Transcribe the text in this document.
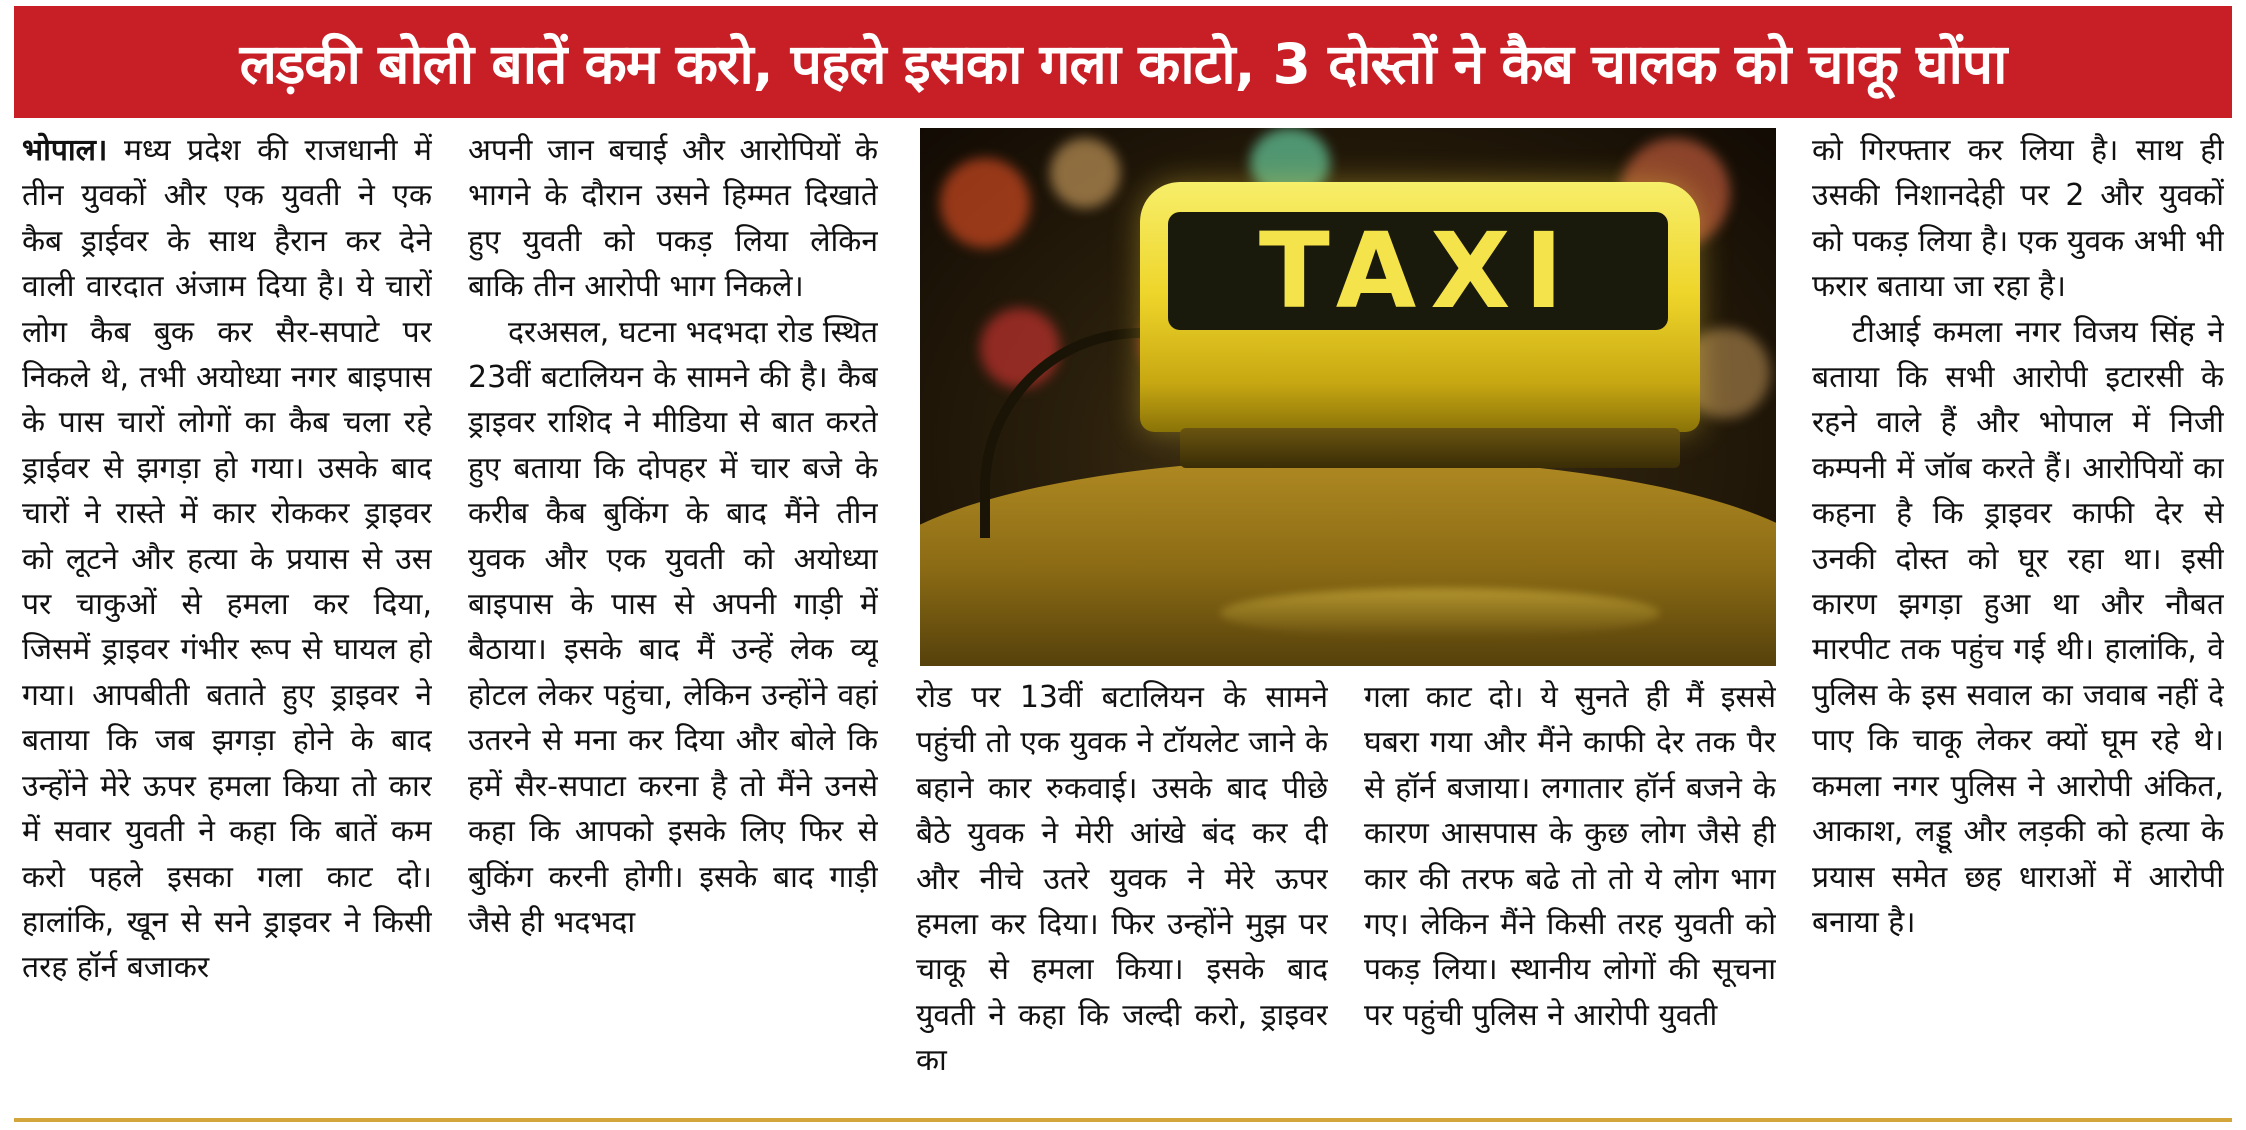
लड़की बोली बातें कम करो, पहले इसका गला काटो, 3 दोस्तों ने कैब चालक को चाकू घोंपा

भोपाल। मध्य प्रदेश की राजधानी में तीन युवकों और एक युवती ने एक कैब ड्राईवर के साथ हैरान कर देने वाली वारदात अंजाम दिया है। ये चारों लोग कैब बुक कर सैर-सपाटे पर निकले थे, तभी अयोध्या नगर बाइपास के पास चारों लोगों का कैब चला रहे ड्राईवर से झगड़ा हो गया। उसके बाद चारों ने रास्ते में कार रोककर ड्राइवर को लूटने और हत्या के प्रयास से उस पर चाकुओं से हमला कर दिया, जिसमें ड्राइवर गंभीर रूप से घायल हो गया। आपबीती बताते हुए ड्राइवर ने बताया कि जब झगड़ा होने के बाद उन्होंने मेरे ऊपर हमला किया तो कार में सवार युवती ने कहा कि बातें कम करो पहले इसका गला काट दो। हालांकि, खून से सने ड्राइवर ने किसी तरह हॉर्न बजाकर

अपनी जान बचाई और आरोपियों के भागने के दौरान उसने हिम्मत दिखाते हुए युवती को पकड़ लिया लेकिन बाकि तीन आरोपी भाग निकले।

दरअसल, घटना भदभदा रोड स्थित 23वीं बटालियन के सामने की है। कैब ड्राइवर राशिद ने मीडिया से बात करते हुए बताया कि दोपहर में चार बजे के करीब कैब बुकिंग के बाद मैंने तीन युवक और एक युवती को अयोध्या बाइपास के पास से अपनी गाड़ी में बैठाया। इसके बाद मैं उन्हें लेक व्यू होटल लेकर पहुंचा, लेकिन उन्होंने वहां उतरने से मना कर दिया और बोले कि हमें सैर-सपाटा करना है तो मैंने उनसे कहा कि आपको इसके लिए फिर से बुकिंग करनी होगी। इसके बाद गाड़ी जैसे ही भदभदा

TAXI

रोड पर 13वीं बटालियन के सामने पहुंची तो एक युवक ने टॉयलेट जाने के बहाने कार रुकवाई। उसके बाद पीछे बैठे युवक ने मेरी आंखे बंद कर दी और नीचे उतरे युवक ने मेरे ऊपर हमला कर दिया। फिर उन्होंने मुझ पर चाकू से हमला किया। इसके बाद युवती ने कहा कि जल्दी करो, ड्राइवर का

गला काट दो। ये सुनते ही मैं इससे घबरा गया और मैंने काफी देर तक पैर से हॉर्न बजाया। लगातार हॉर्न बजने के कारण आसपास के कुछ लोग जैसे ही कार की तरफ बढे तो तो ये लोग भाग गए। लेकिन मैंने किसी तरह युवती को पकड़ लिया। स्थानीय लोगों की सूचना पर पहुंची पुलिस ने आरोपी युवती

को गिरफ्तार कर लिया है। साथ ही उसकी निशानदेही पर 2 और युवकों को पकड़ लिया है। एक युवक अभी भी फरार बताया जा रहा है।

टीआई कमला नगर विजय सिंह ने बताया कि सभी आरोपी इटारसी के रहने वाले हैं और भोपाल में निजी कम्पनी में जॉब करते हैं। आरोपियों का कहना है कि ड्राइवर काफी देर से उनकी दोस्त को घूर रहा था। इसी कारण झगड़ा हुआ था और नौबत मारपीट तक पहुंच गई थी। हालांकि, वे पुलिस के इस सवाल का जवाब नहीं दे पाए कि चाकू लेकर क्यों घूम रहे थे। कमला नगर पुलिस ने आरोपी अंकित, आकाश, लड्डू और लड़की को हत्या के प्रयास समेत छह धाराओं में आरोपी बनाया है।
